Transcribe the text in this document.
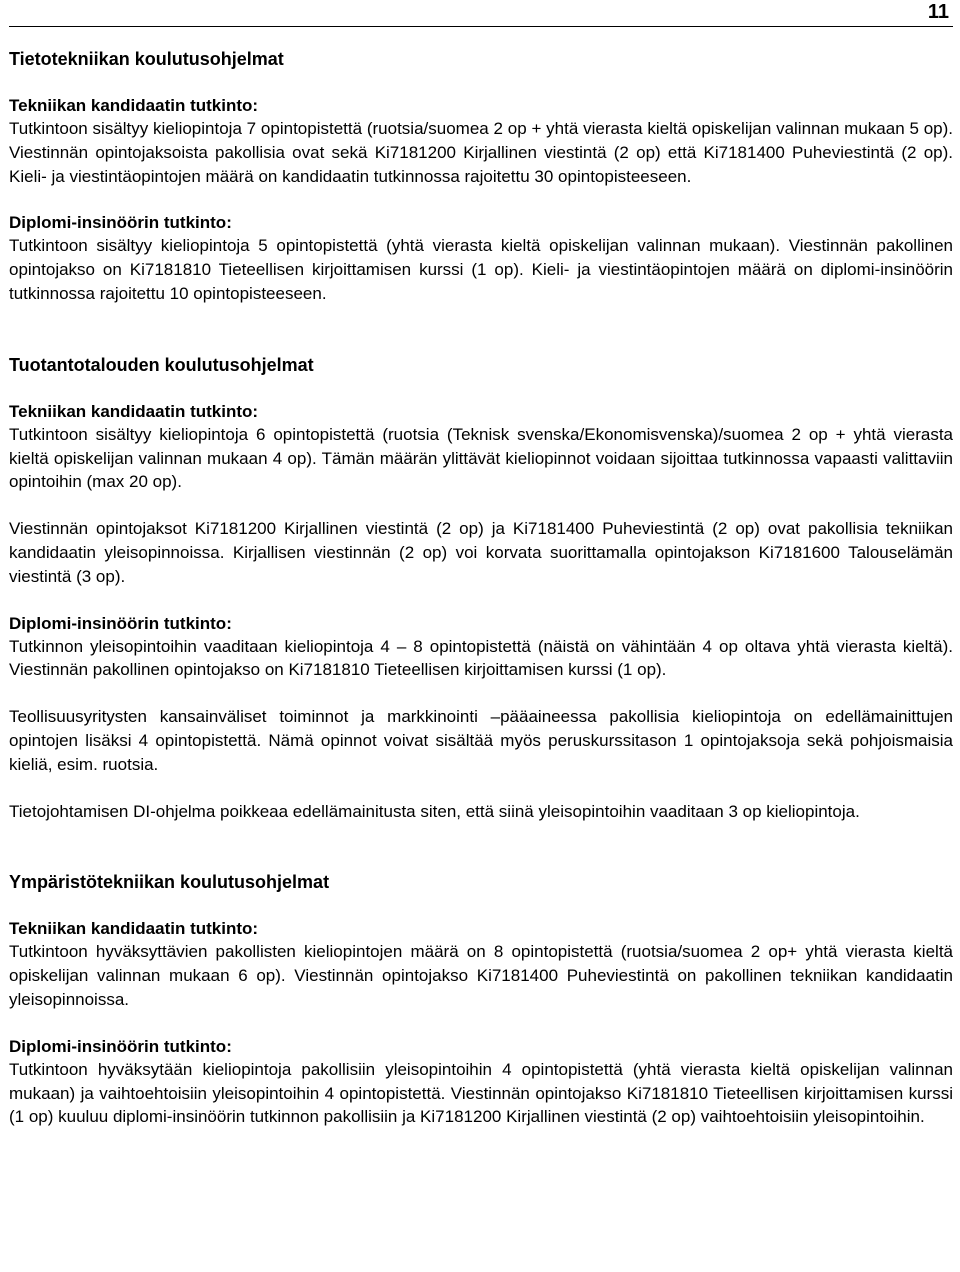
11
Tietotekniikan koulutusohjelmat
Tekniikan kandidaatin tutkinto:

Tutkintoon sisältyy kieliopintoja 7 opintopistettä (ruotsia/suomea 2 op + yhtä vierasta kieltä opiskelijan valinnan mukaan 5 op). Viestinnän opintojaksoista pakollisia ovat sekä Ki7181200 Kirjallinen viestintä (2 op) että Ki7181400 Puheviestintä (2 op). Kieli- ja viestintäopintojen määrä on kandidaatin tutkinnossa rajoitettu 30 opintopisteeseen.

Diplomi-insinöörin tutkinto:

Tutkintoon sisältyy kieliopintoja 5 opintopistettä (yhtä vierasta kieltä opiskelijan valinnan mukaan). Viestinnän pakollinen opintojakso on Ki7181810 Tieteellisen kirjoittamisen kurssi (1 op). Kieli- ja viestintäopintojen määrä on diplomi-insinöörin tutkinnossa rajoitettu 10 opintopisteeseen.

Tuotantotalouden koulutusohjelmat
Tekniikan kandidaatin tutkinto:

Tutkintoon sisältyy kieliopintoja 6 opintopistettä (ruotsia (Teknisk svenska/Ekonomisvenska)/suomea 2 op + yhtä vierasta kieltä opiskelijan valinnan mukaan 4 op). Tämän määrän ylittävät kieliopinnot voidaan sijoittaa tutkinnossa vapaasti valittaviin opintoihin (max 20 op).

Viestinnän opintojaksot Ki7181200 Kirjallinen viestintä (2 op) ja Ki7181400 Puheviestintä (2 op) ovat pakollisia tekniikan kandidaatin yleisopinnoissa. Kirjallisen viestinnän (2 op) voi korvata suorittamalla opintojakson Ki7181600 Talouselämän viestintä (3 op).

Diplomi-insinöörin tutkinto:

Tutkinnon yleisopintoihin vaaditaan kieliopintoja 4 – 8 opintopistettä (näistä on vähintään 4 op oltava yhtä vierasta kieltä). Viestinnän pakollinen opintojakso on Ki7181810 Tieteellisen kirjoittamisen kurssi (1 op).

Teollisuusyritysten kansainväliset toiminnot ja markkinointi –pääaineessa pakollisia kieliopintoja on edellämainittujen opintojen lisäksi 4 opintopistettä. Nämä opinnot voivat sisältää myös peruskurssitason 1 opintojaksoja sekä pohjoismaisia kieliä, esim. ruotsia.

Tietojohtamisen DI-ohjelma poikkeaa edellämainitusta siten, että siinä yleisopintoihin vaaditaan 3 op kieliopintoja.

Ympäristötekniikan koulutusohjelmat
Tekniikan kandidaatin tutkinto:

Tutkintoon hyväksyttävien pakollisten kieliopintojen määrä on 8 opintopistettä (ruotsia/suomea 2 op+ yhtä vierasta kieltä opiskelijan valinnan mukaan 6 op). Viestinnän opintojakso Ki7181400 Puheviestintä on pakollinen tekniikan kandidaatin yleisopinnoissa.

Diplomi-insinöörin tutkinto:

Tutkintoon hyväksytään kieliopintoja pakollisiin yleisopintoihin 4 opintopistettä (yhtä vierasta kieltä opiskelijan valinnan mukaan) ja vaihtoehtoisiin yleisopintoihin 4 opintopistettä. Viestinnän opintojakso Ki7181810 Tieteellisen kirjoittamisen kurssi (1 op) kuuluu diplomi-insinöörin tutkinnon pakollisiin ja Ki7181200 Kirjallinen viestintä (2 op) vaihtoehtoisiin yleisopintoihin.
